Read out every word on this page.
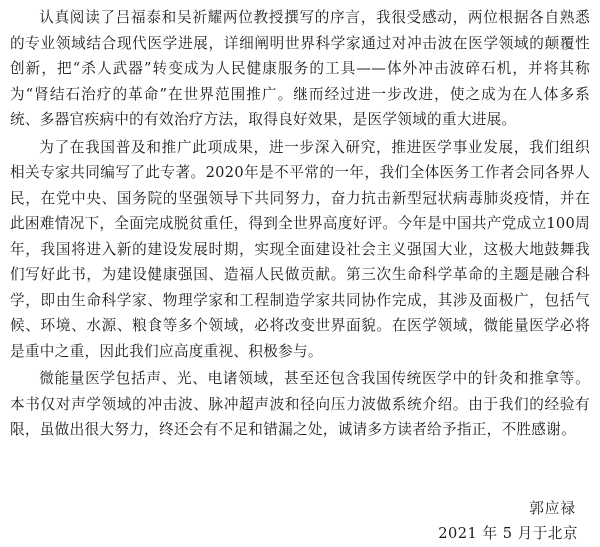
认真阅读了吕福泰和吴祈耀两位教授撰写的序言，我很受感动，两位根据各自熟悉的专业领域结合现代医学进展，详细阐明世界科学家通过对冲击波在医学领域的颠覆性创新，把“杀人武器”转变成为人民健康服务的工具——体外冲击波碎石机，并将其称为“肾结石治疗的革命”在世界范围推广。继而经过进一步改进，使之成为在人体多系统、多器官疾病中的有效治疗方法，取得良好效果，是医学领域的重大进展。

为了在我国普及和推广此项成果，进一步深入研究，推进医学事业发展，我们组织相关专家共同编写了此专著。2020年是不平常的一年，我们全体医务工作者会同各界人民，在党中央、国务院的坚强领导下共同努力，奋力抗击新型冠状病毒肺炎疫情，并在此困难情况下，全面完成脱贫重任，得到全世界高度好评。今年是中国共产党成立100周年，我国将进入新的建设发展时期，实现全面建设社会主义强国大业，这极大地鼓舞我们写好此书，为建设健康强国、造福人民做贡献。第三次生命科学革命的主题是融合科学，即由生命科学家、物理学家和工程制造学家共同协作完成，其涉及面极广，包括气候、环境、水源、粮食等多个领域，必将改变世界面貌。在医学领域，微能量医学必将是重中之重，因此我们应高度重视、积极参与。

微能量医学包括声、光、电诸领域，甚至还包含我国传统医学中的针灸和推拿等。本书仅对声学领域的冲击波、脉冲超声波和径向压力波做系统介绍。由于我们的经验有限，虽做出很大努力，终还会有不足和错漏之处，诚请多方读者给予指正，不胜感谢。

郭应禄
2021 年 5 月于北京
